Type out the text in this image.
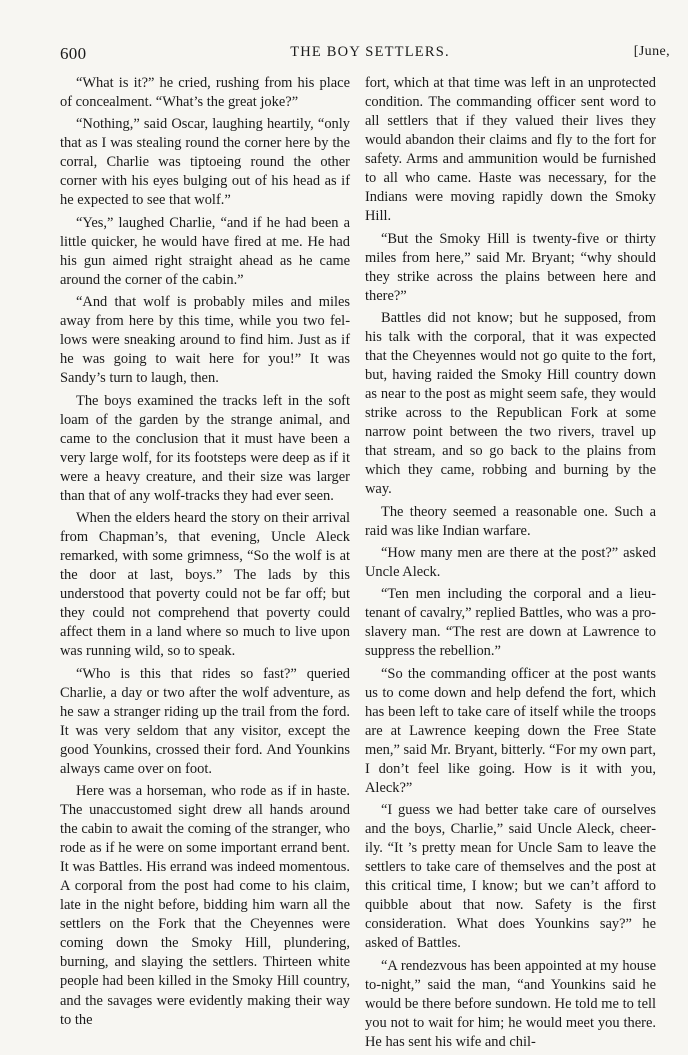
600	THE BOY SETTLERS.	[June,

“What is it?” he cried, rushing from his place of concealment. “What’s the great joke?”

“Nothing,” said Oscar, laughing heartily, “only that as I was stealing round the corner here by the corral, Charlie was tiptoeing round the other corner with his eyes bulging out of his head as if he expected to see that wolf.”

“Yes,” laughed Charlie, “and if he had been a little quicker, he would have fired at me. He had his gun aimed right straight ahead as he came around the corner of the cabin.”

“And that wolf is probably miles and miles away from here by this time, while you two fellows were sneaking around to find him. Just as if he was going to wait here for you!” It was Sandy’s turn to laugh, then.

The boys examined the tracks left in the soft loam of the garden by the strange animal, and came to the conclusion that it must have been a very large wolf, for its footsteps were deep as if it were a heavy creature, and their size was larger than that of any wolf-tracks they had ever seen.

When the elders heard the story on their arrival from Chapman’s, that evening, Uncle Aleck remarked, with some grimness, “So the wolf is at the door at last, boys.” The lads by this understood that poverty could not be far off; but they could not comprehend that poverty could affect them in a land where so much to live upon was running wild, so to speak.

“Who is this that rides so fast?” queried Charlie, a day or two after the wolf adventure, as he saw a stranger riding up the trail from the ford. It was very seldom that any visitor, except the good Younkins, crossed their ford. And Younkins always came over on foot.

Here was a horseman, who rode as if in haste. The unaccustomed sight drew all hands around the cabin to await the coming of the stranger, who rode as if he were on some important errand bent. It was Battles. His errand was indeed momentous. A corporal from the post had come to his claim, late in the night before, bidding him warn all the settlers on the Fork that the Cheyennes were coming down the Smoky Hill, plundering, burning, and slaying the settlers. Thirteen white people had been killed in the Smoky Hill country, and the savages were evidently making their way to the

fort, which at that time was left in an unprotected condition. The commanding officer sent word to all settlers that if they valued their lives they would abandon their claims and fly to the fort for safety. Arms and ammunition would be furnished to all who came. Haste was necessary, for the Indians were moving rapidly down the Smoky Hill.

“But the Smoky Hill is twenty-five or thirty miles from here,” said Mr. Bryant; “why should they strike across the plains between here and there?”

Battles did not know; but he supposed, from his talk with the corporal, that it was expected that the Cheyennes would not go quite to the fort, but, having raided the Smoky Hill country down as near to the post as might seem safe, they would strike across to the Republican Fork at some narrow point between the two rivers, travel up that stream, and so go back to the plains from which they came, robbing and burning by the way.

The theory seemed a reasonable one. Such a raid was like Indian warfare.

“How many men are there at the post?” asked Uncle Aleck.

“Ten men including the corporal and a lieutenant of cavalry,” replied Battles, who was a pro-slavery man. “The rest are down at Lawrence to suppress the rebellion.”

“So the commanding officer at the post wants us to come down and help defend the fort, which has been left to take care of itself while the troops are at Lawrence keeping down the Free State men,” said Mr. Bryant, bitterly. “For my own part, I don’t feel like going. How is it with you, Aleck?”

“I guess we had better take care of ourselves and the boys, Charlie,” said Uncle Aleck, cheerily. “It ’s pretty mean for Uncle Sam to leave the settlers to take care of themselves and the post at this critical time, I know; but we can’t afford to quibble about that now. Safety is the first consideration. What does Younkins say?” he asked of Battles.

“A rendezvous has been appointed at my house to-night,” said the man, “and Younkins said he would be there before sundown. He told me to tell you not to wait for him; he would meet you there. He has sent his wife and chil-
